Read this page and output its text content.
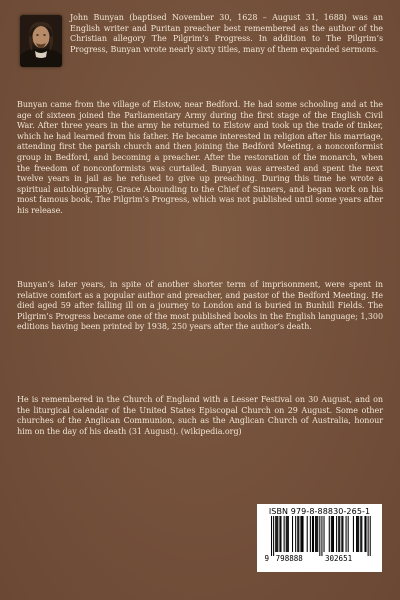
John Bunyan (baptised November 30, 1628 – August 31, 1688) was an English writer and Puritan preacher best remembered as the author of the Christian allegory The Pilgrim’s Progress. In addition to The Pilgrim’s Progress, Bunyan wrote nearly sixty titles, many of them expanded sermons.

Bunyan came from the village of Elstow, near Bedford. He had some schooling and at the age of sixteen joined the Parliamentary Army during the first stage of the English Civil War. After three years in the army he returned to Elstow and took up the trade of tinker, which he had learned from his father. He became interested in religion after his marriage, attending first the parish church and then joining the Bedford Meeting, a nonconformist group in Bedford, and becoming a preacher. After the restoration of the monarch, when the freedom of nonconformists was curtailed, Bunyan was arrested and spent the next twelve years in jail as he refused to give up preaching. During this time he wrote a spiritual autobiography, Grace Abounding to the Chief of Sinners, and began work on his most famous book, The Pilgrim’s Progress, which was not published until some years after his release.

Bunyan’s later years, in spite of another shorter term of imprisonment, were spent in relative comfort as a popular author and preacher, and pastor of the Bedford Meeting. He died aged 59 after falling ill on a journey to London and is buried in Bunhill Fields. The Pilgrim’s Progress became one of the most published books in the English language; 1,300 editions having been printed by 1938, 250 years after the author’s death.

He is remembered in the Church of England with a Lesser Festival on 30 August, and on the liturgical calendar of the United States Episcopal Church on 29 August. Some other churches of the Anglican Communion, such as the Anglican Church of Australia, honour him on the day of his death (31 August). (wikipedia.org)

ISBN 979-8-88830-265-1
9 798888	302651
